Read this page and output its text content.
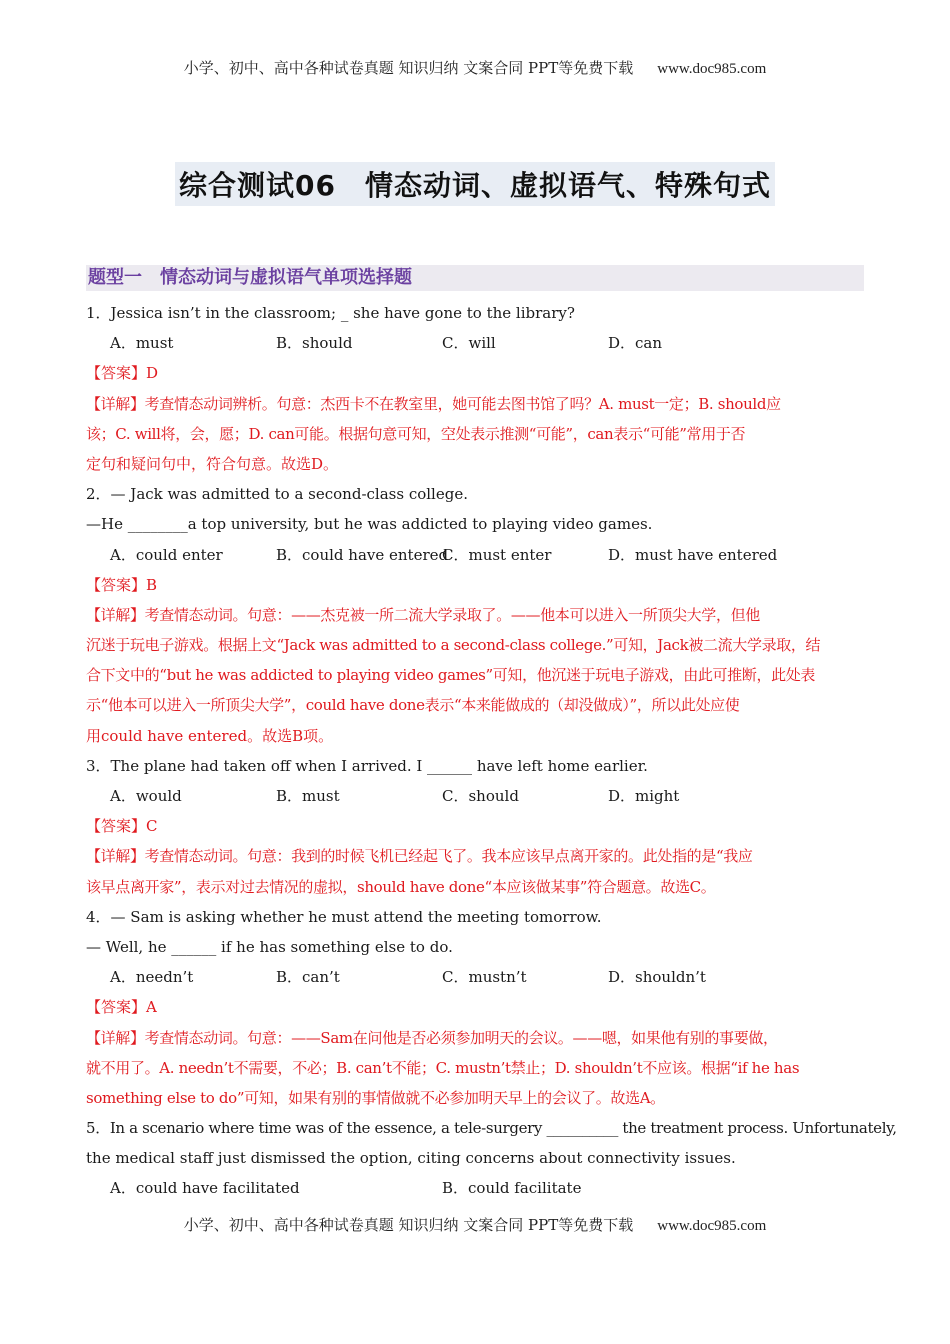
小学、初中、高中各种试卷真题 知识归纳 文案合同 PPT等免费下载 www.doc985.com
综合测试06　情态动词、虚拟语气、特殊句式
题型一　情态动词与虚拟语气单项选择题
1．Jessica isn’t in the classroom; _ she have gone to the library?
A．must	B．should	C．will	D．can
【答案】D
【详解】考查情态动词辨析。句意：杰西卡不在教室里，她可能去图书馆了吗？A. must一定；B. should应
该；C. will将，会，愿；D. can可能。根据句意可知，空处表示推测“可能”，can表示“可能”常用于否
定句和疑问句中，符合句意。故选D。
2．— Jack was admitted to a second-class college.
—He ________a top university, but he was addicted to playing video games.
A．could enter	B．could have entered
C．must enter	D．must have entered
【答案】B
【详解】考查情态动词。句意：——杰克被一所二流大学录取了。——他本可以进入一所顶尖大学，但他
沉迷于玩电子游戏。根据上文“Jack was admitted to a second-class college.”可知，Jack被二流大学录取，结
合下文中的“but he was addicted to playing video games”可知，他沉迷于玩电子游戏，由此可推断，此处表
示“他本可以进入一所顶尖大学”，could have done表示“本来能做成的（却没做成）”，所以此处应使
用could have entered。故选B项。
3．The plane had taken off when I arrived. I ______ have left home earlier.
A．would	B．must	C．should	D．might
【答案】C
【详解】考查情态动词。句意：我到的时候飞机已经起飞了。我本应该早点离开家的。此处指的是“我应
该早点离开家”，表示对过去情况的虚拟，should have done“本应该做某事”符合题意。故选C。
4．— Sam is asking whether he must attend the meeting tomorrow.
— Well, he ______ if he has something else to do.
A．needn’t	B．can’t	C．mustn’t	D．shouldn’t
【答案】A
【详解】考查情态动词。句意：——Sam在问他是否必须参加明天的会议。——嗯，如果他有别的事要做，
就不用了。A. needn’t不需要，不必；B. can’t不能；C. mustn’t禁止；D. shouldn’t不应该。根据“if he has
something else to do”可知，如果有别的事情做就不必参加明天早上的会议了。故选A。
5．In a scenario where time was of the essence, a tele-surgery __________ the treatment process. Unfortunately,
the medical staff just dismissed the option, citing concerns about connectivity issues.
A．could have facilitated	B．could facilitate
小学、初中、高中各种试卷真题 知识归纳 文案合同 PPT等免费下载 www.doc985.com
